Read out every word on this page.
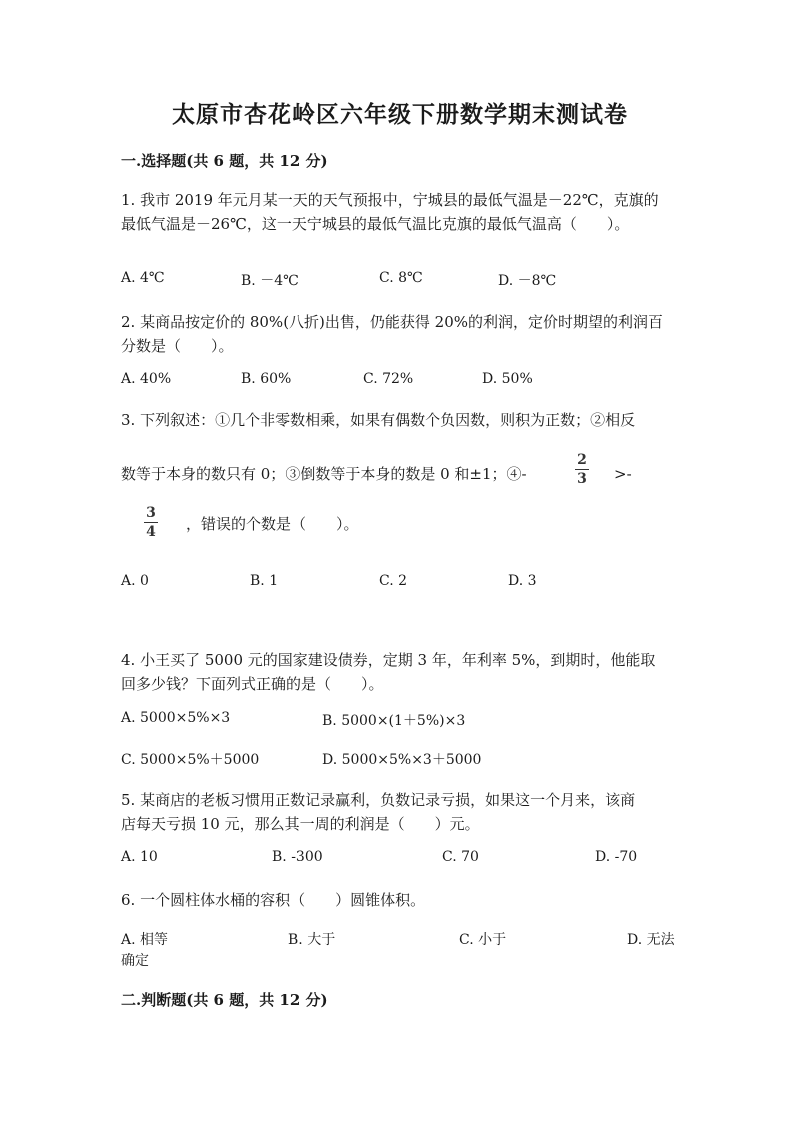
太原市杏花岭区六年级下册数学期末测试卷
一.选择题(共 6 题，共 12 分)
1. 我市 2019 年元月某一天的天气预报中，宁城县的最低气温是－22℃，克旗的
最低气温是－26℃，这一天宁城县的最低气温比克旗的最低气温高（　　）。
A. 4℃	B. －4℃	C. 8℃	D. －8℃
2. 某商品按定价的 80%(八折)出售，仍能获得 20%的利润，定价时期望的利润百
分数是（　　）。
A. 40%	B. 60%	C. 72%	D. 50%
3. 下列叙述：①几个非零数相乘，如果有偶数个负因数，则积为正数；②相反
数等于本身的数只有 0；③倒数等于本身的数是 0 和±1；④-
2
3 >-
3
4 ，错误的个数是（　　）。
A. 0	B. 1	C. 2	D. 3
4. 小王买了 5000 元的国家建设债券，定期 3 年，年利率 5%，到期时，他能取
回多少钱？下面列式正确的是（　　）。
A. 5000×5%×3	B. 5000×(1＋5%)×3
C. 5000×5%＋5000	D. 5000×5%×3＋5000
5. 某商店的老板习惯用正数记录赢利，负数记录亏损，如果这一个月来，该商
店每天亏损 10 元，那么其一周的利润是（　　）元。
A. 10	B. -300	C. 70	D. -70
6. 一个圆柱体水桶的容积（　　）圆锥体积。
A. 相等	B. 大于	C. 小于	D. 无法
确定
二.判断题(共 6 题，共 12 分)
